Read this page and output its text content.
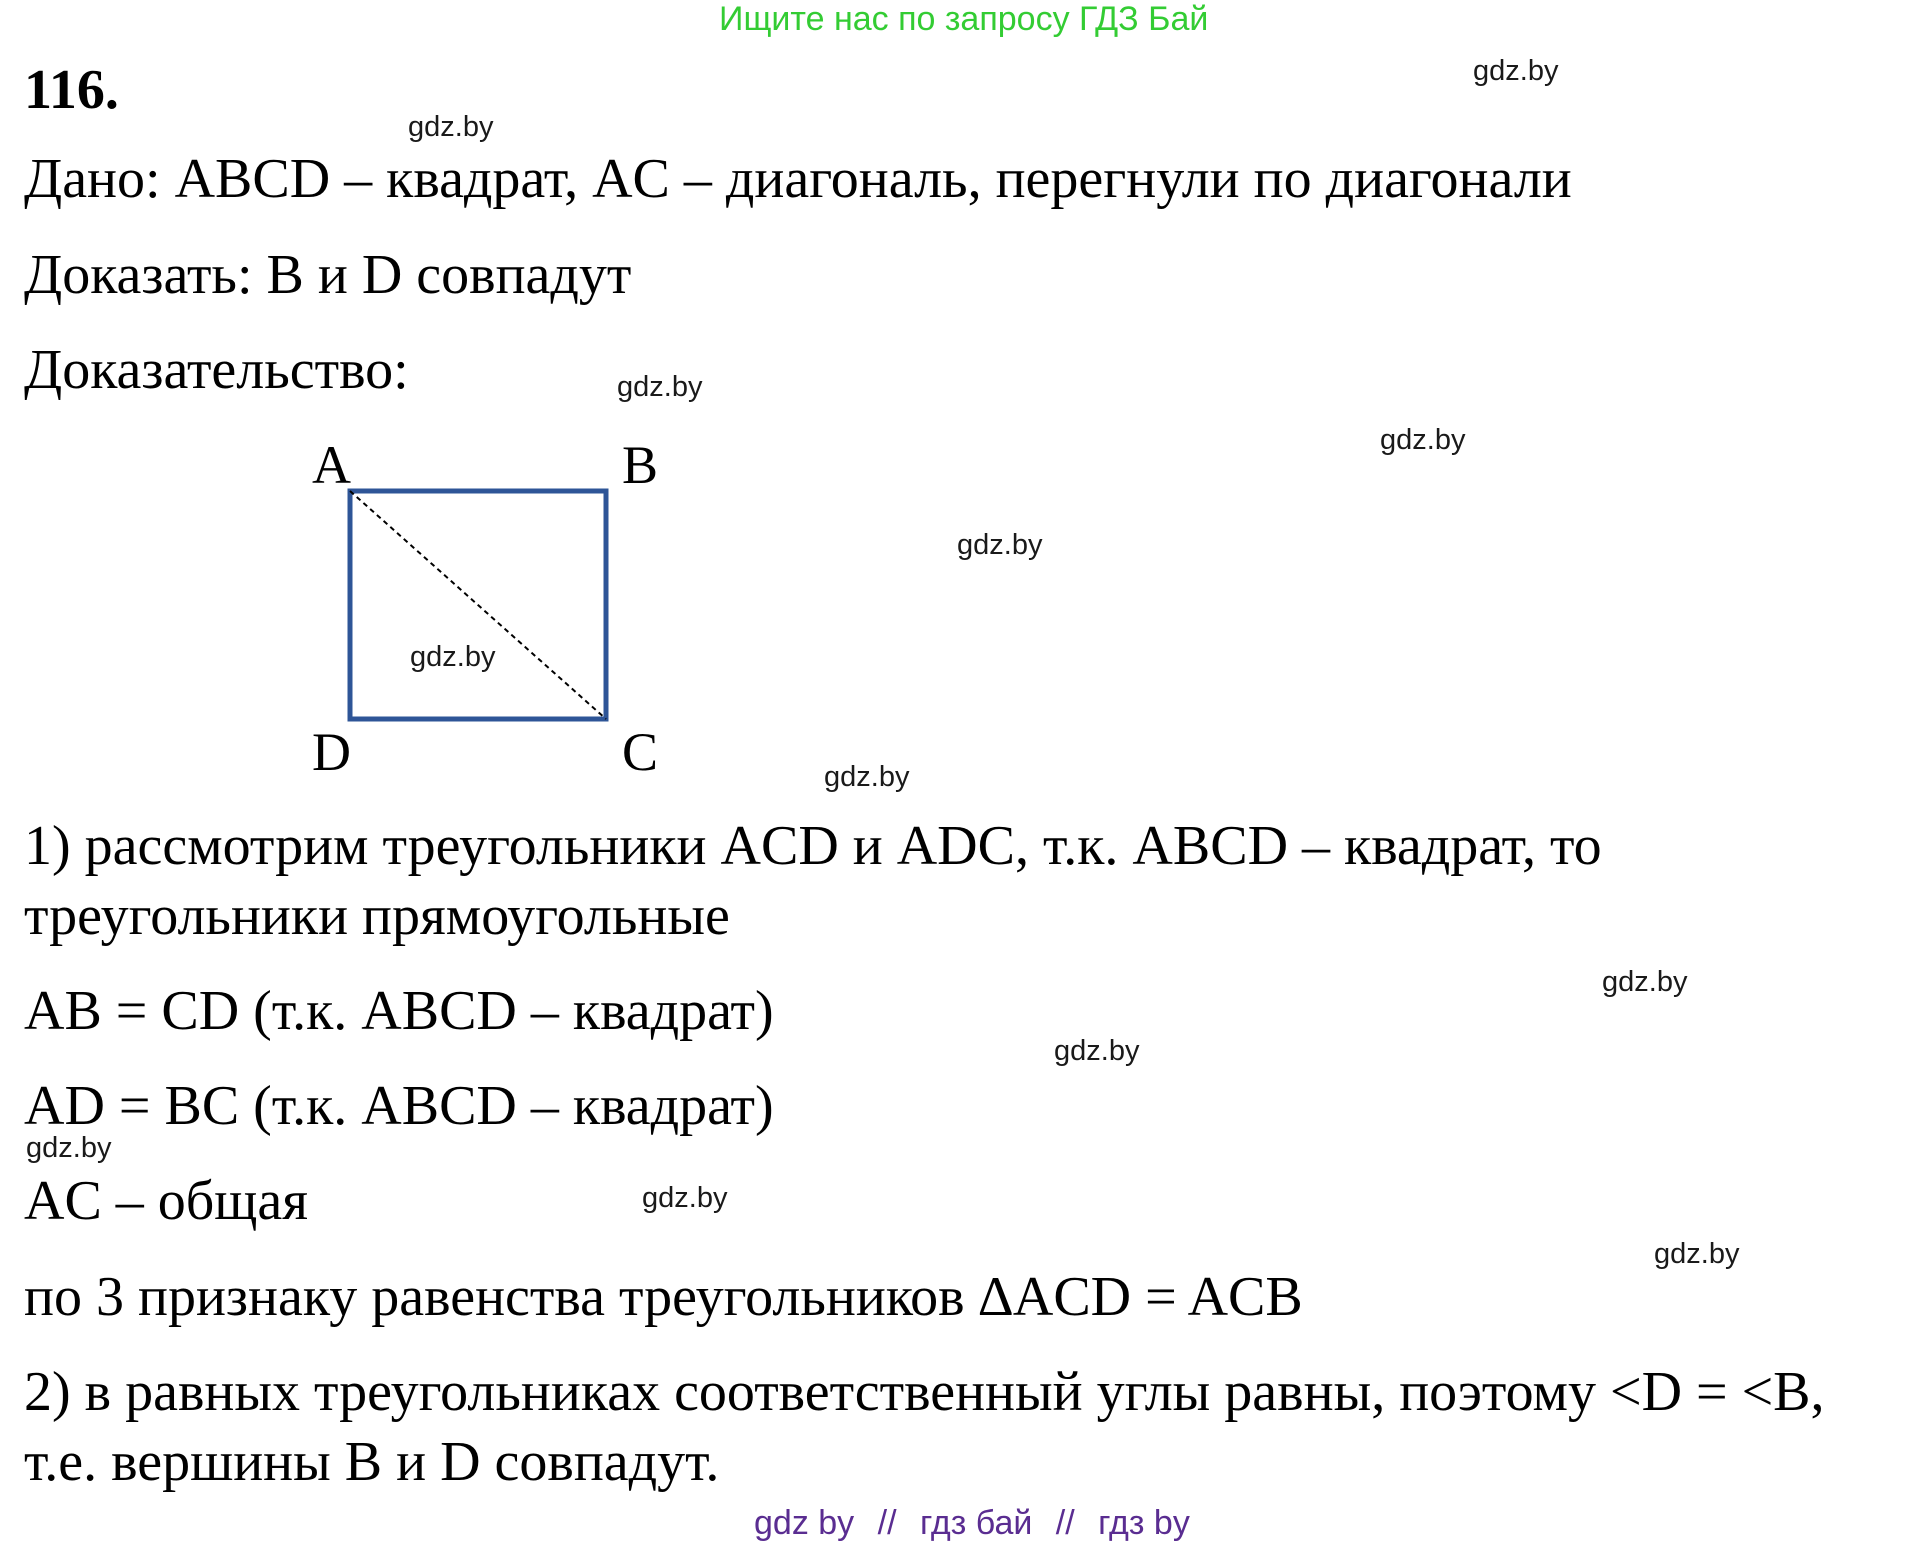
Ищите нас по запросу ГДЗ Бай
116.
Дано: ABCD – квадрат, AC – диагональ, перегнули по диагонали
Доказать: B и D совпадут
Доказательство:
A	B
D	C
1) рассмотрим треугольники ACD и ADC, т.к. ABCD – квадрат, то
треугольники прямоугольные
AB = CD (т.к. ABCD – квадрат)
AD = BC (т.к. ABCD – квадрат)
AC – общая
по 3 признаку равенства треугольников ∆ACD = ACB
2) в равных треугольниках соответственный углы равны, поэтому <D = <B,
т.е. вершины B и D совпадут.
gdz.by
gdz.by
gdz.by
gdz.by
gdz.by
gdz.by
gdz.by
gdz.by
gdz.by
gdz.by
gdz.by
gdz.by
gdz by // гдз бай // гдз by
